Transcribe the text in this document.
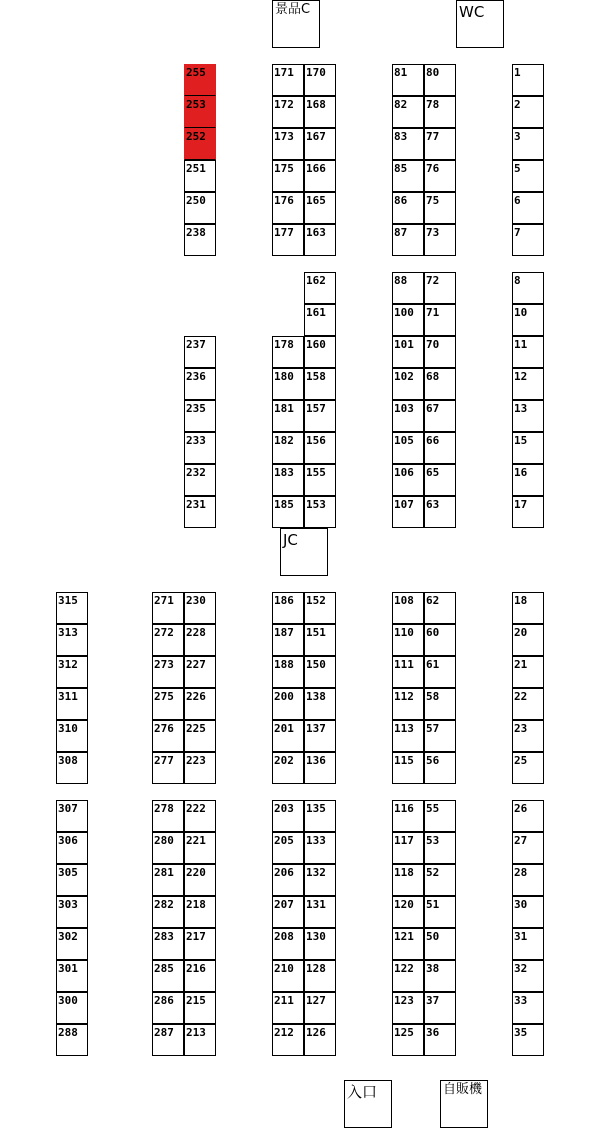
景品C	WC
JC
入口	自販機
315
313
312
311
310
308
307
306
305
303
302
301
300
288
271
272
273
275
276
277
278
280
281
282
283
285
286
287
255
253
252
251
250
238
237
236
235
233
232
231
230
228
227
226
225
223
222
221
220
218
217
216
215
213
171
172
173
175
176
177
178
180
181
182
183
185
186
187
188
200
201
202
203
205
206
207
208
210
211
212
170
168
167
166
165
163
162
161
160
158
157
156
155
153
152
151
150
138
137
136
135
133
132
131
130
128
127
126
81
82
83
85
86
87
88
100
101
102
103
105
106
107
108
110
111
112
113
115
116
117
118
120
121
122
123
125
80
78
77
76
75
73
72
71
70
68
67
66
65
63
62
60
61
58
57
56
55
53
52
51
50
38
37
36
1
2
3
5
6
7
8
10
11
12
13
15
16
17
18
20
21
22
23
25
26
27
28
30
31
32
33
35
